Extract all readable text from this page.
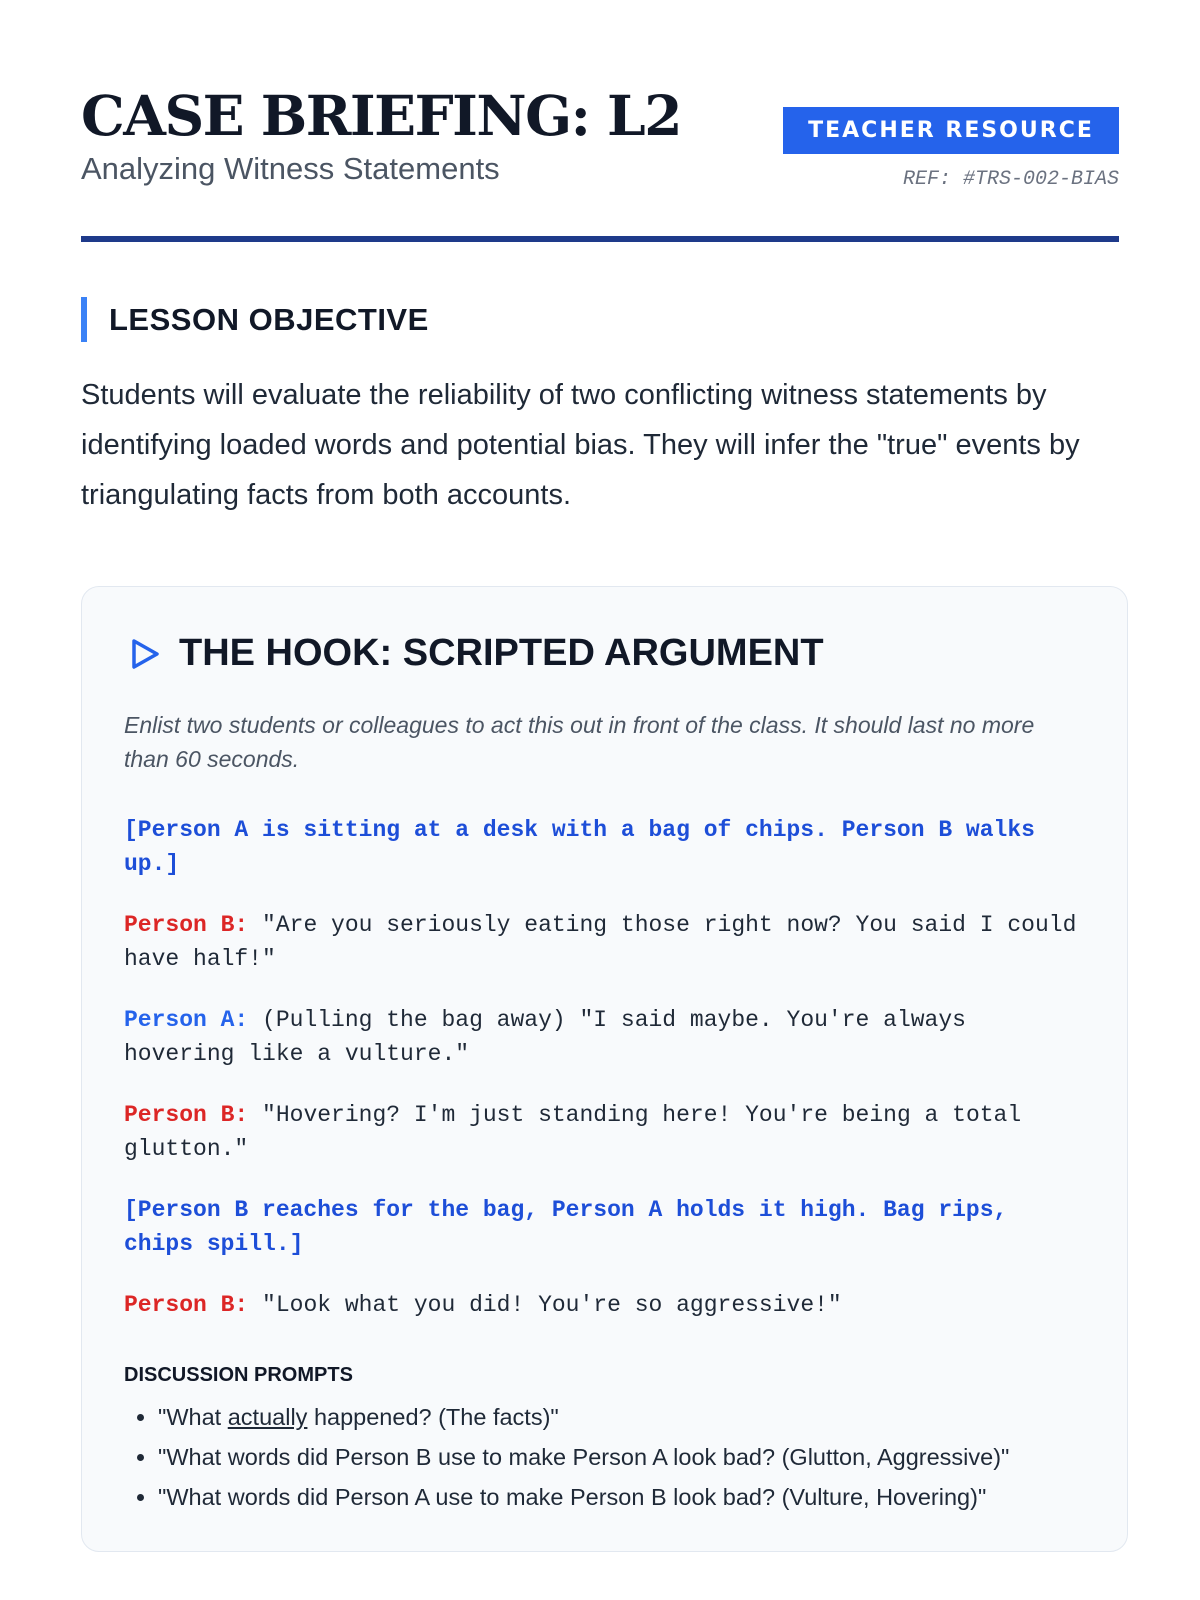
CASE BRIEFING: L2
Analyzing Witness Statements
TEACHER RESOURCE
REF: #TRS-002-BIAS
LESSON OBJECTIVE

Students will evaluate the reliability of two conflicting witness statements by identifying loaded words and potential bias. They will infer the "true" events by triangulating facts from both accounts.

THE HOOK: SCRIPTED ARGUMENT

Enlist two students or colleagues to act this out in front of the class. It should last no more than 60 seconds.

[Person A is sitting at a desk with a bag of chips. Person B walks up.]

Person B: "Are you seriously eating those right now? You said I could have half!"

Person A: (Pulling the bag away) "I said maybe. You're always hovering like a vulture."

Person B: "Hovering? I'm just standing here! You're being a total glutton."

[Person B reaches for the bag, Person A holds it high. Bag rips, chips spill.]

Person B: "Look what you did! You're so aggressive!"

DISCUSSION PROMPTS
• "What actually happened? (The facts)"
• "What words did Person B use to make Person A look bad? (Glutton, Aggressive)"
• "What words did Person A use to make Person B look bad? (Vulture, Hovering)"
